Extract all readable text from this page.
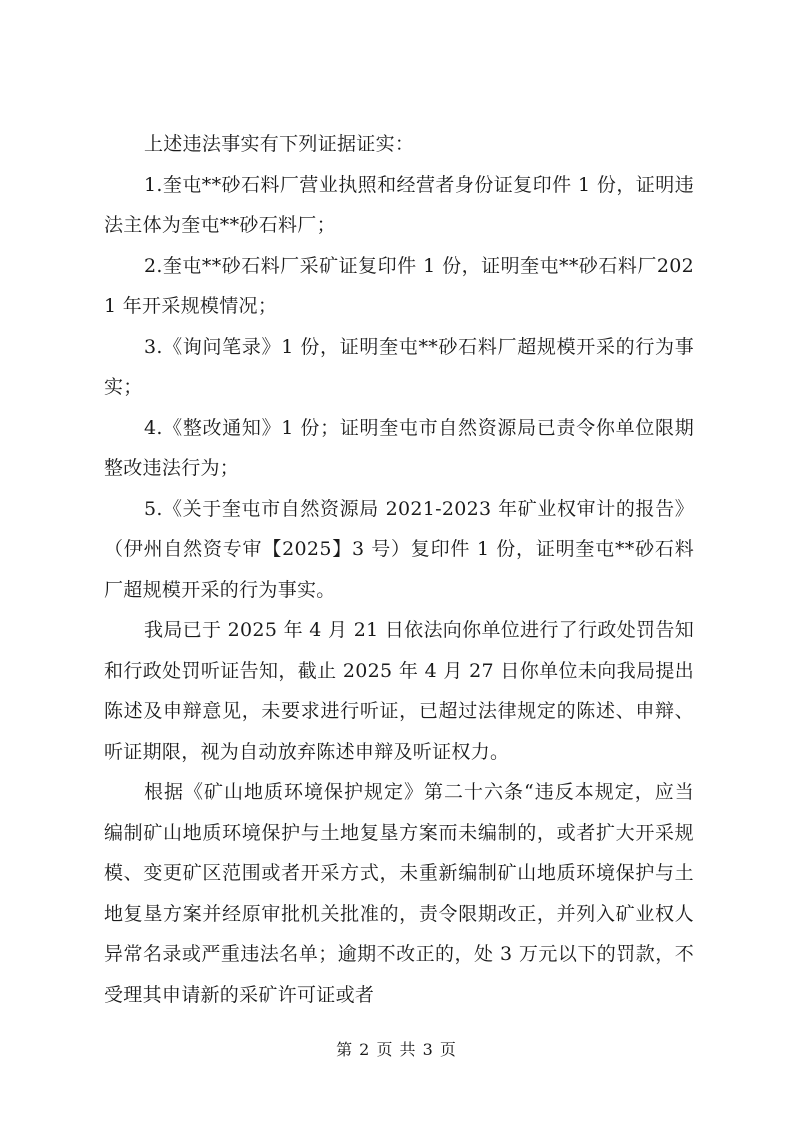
上述违法事实有下列证据证实：

1.奎屯**砂石料厂营业执照和经营者身份证复印件 1 份，证明违法主体为奎屯**砂石料厂；

2.奎屯**砂石料厂采矿证复印件 1 份，证明奎屯**砂石料厂2021 年开采规模情况；

3.《询问笔录》1 份，证明奎屯**砂石料厂超规模开采的行为事实；

4.《整改通知》1 份；证明奎屯市自然资源局已责令你单位限期整改违法行为；

5.《关于奎屯市自然资源局 2021-2023 年矿业权审计的报告》（伊州自然资专审【2025】3 号）复印件 1 份，证明奎屯**砂石料厂超规模开采的行为事实。

我局已于 2025 年 4 月 21 日依法向你单位进行了行政处罚告知和行政处罚听证告知，截止 2025 年 4 月 27 日你单位未向我局提出陈述及申辩意见，未要求进行听证，已超过法律规定的陈述、申辩、听证期限，视为自动放弃陈述申辩及听证权力。

根据《矿山地质环境保护规定》第二十六条“违反本规定，应当编制矿山地质环境保护与土地复垦方案而未编制的，或者扩大开采规模、变更矿区范围或者开采方式，未重新编制矿山地质环境保护与土地复垦方案并经原审批机关批准的，责令限期改正，并列入矿业权人异常名录或严重违法名单；逾期不改正的，处 3 万元以下的罚款，不受理其申请新的采矿许可证或者

第 2 页 共 3 页
